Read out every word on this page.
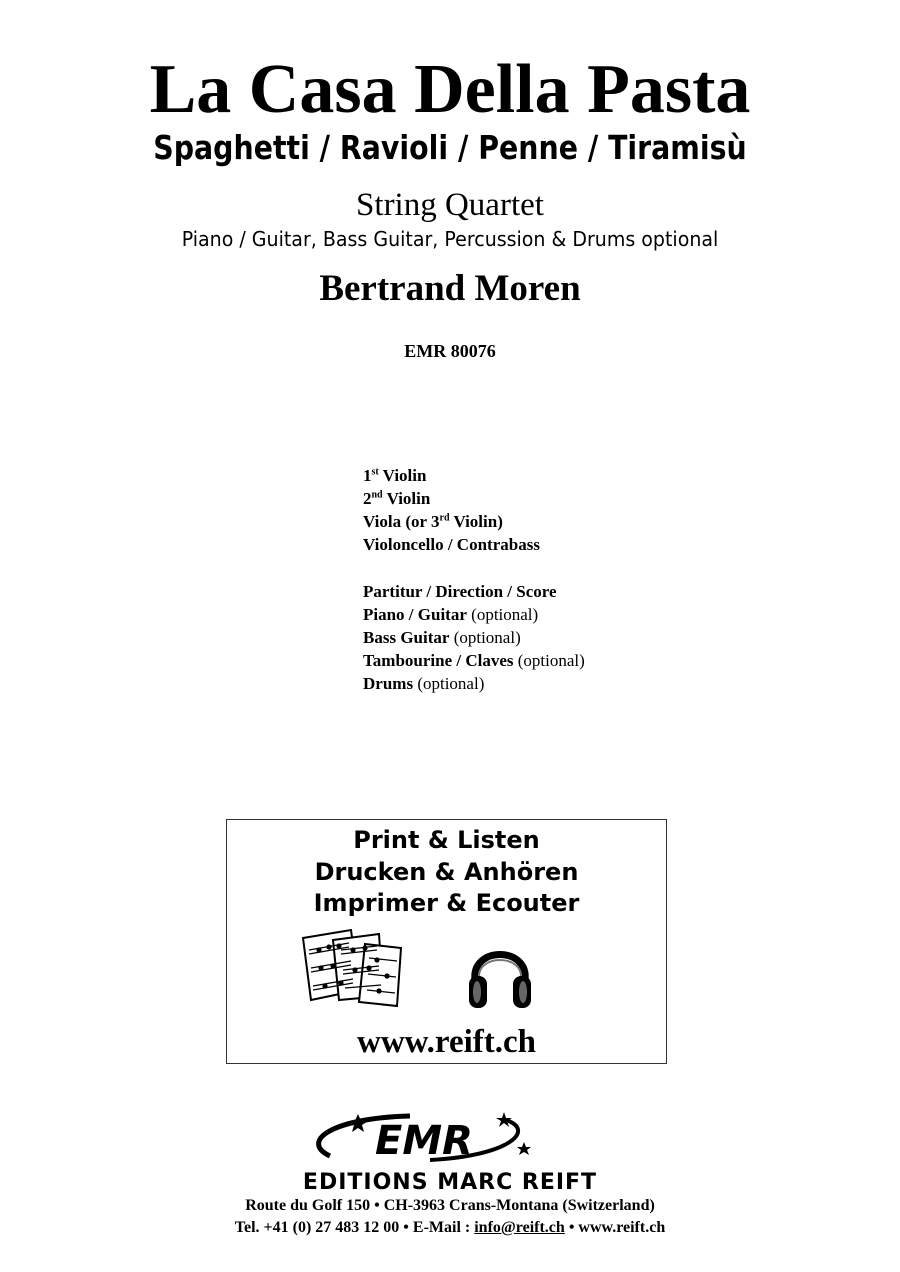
La Casa Della Pasta
Spaghetti / Ravioli / Penne / Tiramisù
String Quartet
Piano / Guitar, Bass Guitar, Percussion & Drums optional
Bertrand Moren
EMR 80076
1st Violin
2nd Violin
Viola (or 3rd Violin)
Violoncello / Contrabass
Partitur / Direction / Score
Piano / Guitar (optional)
Bass Guitar (optional)
Tambourine / Claves (optional)
Drums (optional)
Print & Listen
Drucken & Anhören
Imprimer & Ecouter
www.reift.ch
EMR
EDITIONS MARC REIFT
Route du Golf 150 • CH-3963 Crans-Montana (Switzerland)
Tel. +41 (0) 27 483 12 00 • E-Mail : info@reift.ch • www.reift.ch
